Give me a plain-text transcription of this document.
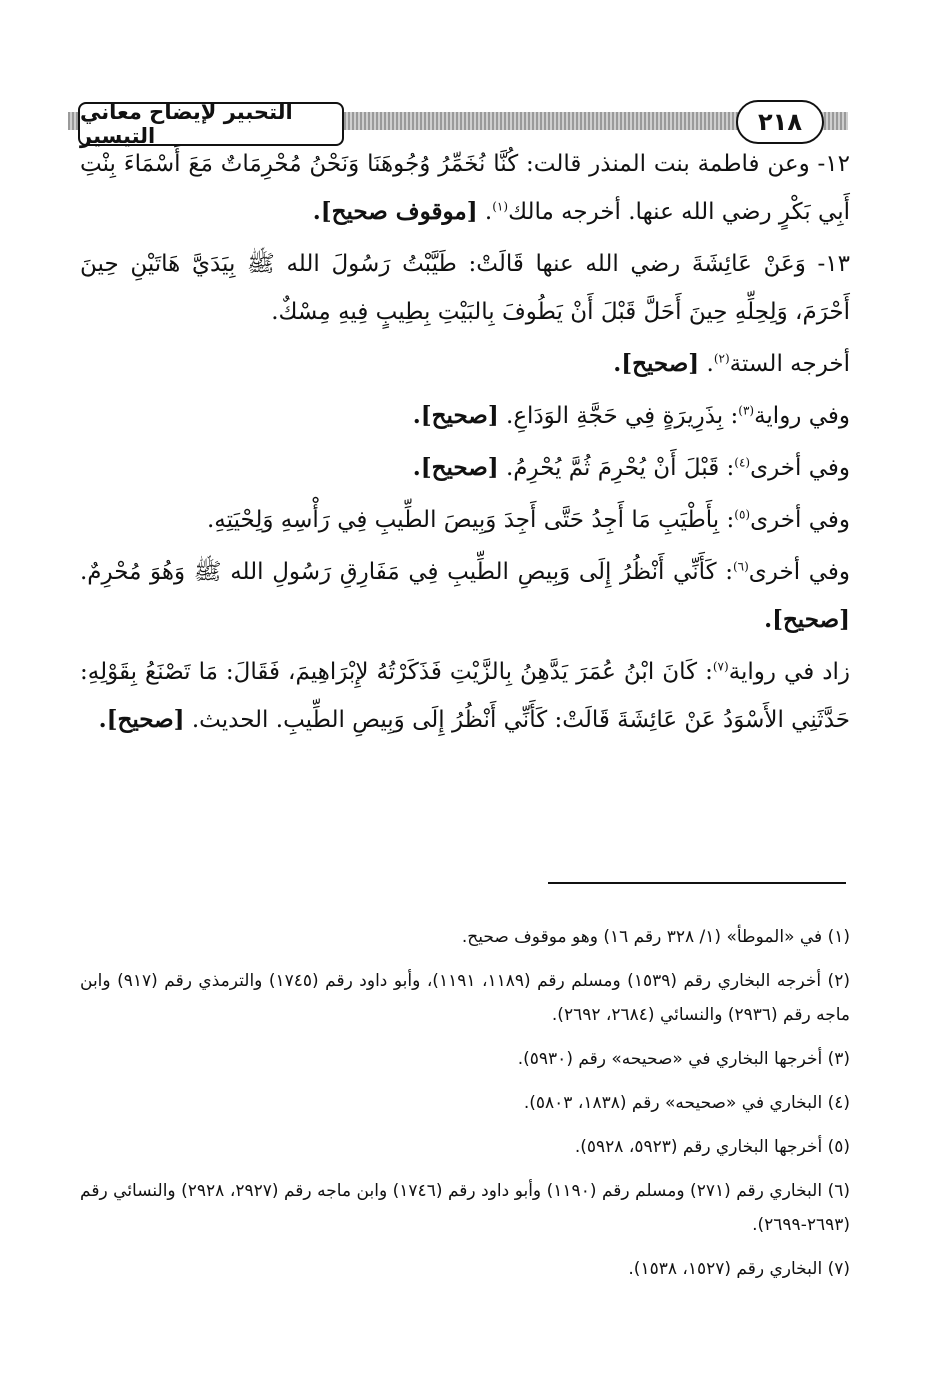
التحبير لإيضاح معاني التيسير	٢١٨

١٢- وعن فاطمة بنت المنذر قالت: كُنَّا نُخَمِّرُ وُجُوهَنَا وَنَحْنُ مُحْرِمَاتٌ مَعَ أَسْمَاءَ بِنْتِ أَبِي بَكْرٍ رضي الله عنها. أخرجه مالك$^{(١)}$. [موقوف صحيح].

١٣- وَعَنْ عَائِشَةَ رضي الله عنها قَالَتْ: طَيَّبْتُ رَسُولَ الله ﷺ بِيَدَيَّ هَاتَيْنِ حِينَ أَحْرَمَ، وَلِحِلِّهِ حِينَ أَحَلَّ قَبْلَ أَنْ يَطُوفَ بِالبَيْتِ بِطِيبٍ فِيهِ مِسْكٌ.

أخرجه الستة$^{(٢)}$. [صحيح].
وفي رواية$^{(٣)}$: بِذَرِيرَةٍ فِي حَجَّةِ الوَدَاعِ. [صحيح].
وفي أخرى$^{(٤)}$: قَبْلَ أَنْ يُحْرِمَ ثُمَّ يُحْرِمُ. [صحيح].
وفي أخرى$^{(٥)}$: بِأَطْيَبِ مَا أَجِدُ حَتَّى أَجِدَ وَبِيصَ الطِّيبِ فِي رَأْسِهِ وَلِحْيَتِهِ.

وفي أخرى$^{(٦)}$: كَأَنِّي أَنْظُرُ إِلَى وَبِيصِ الطِّيبِ فِي مَفَارِقِ رَسُولِ الله ﷺ وَهُوَ مُحْرِمٌ. [صحيح].

زاد في رواية$^{(٧)}$: كَانَ ابْنُ عُمَرَ يَدَّهِنُ بِالزَّيْتِ فَذَكَرْتُهُ لإِبْرَاهِيمَ، فَقَالَ: مَا تَصْنَعُ بِقَوْلِهِ: حَدَّثَنِي الأَسْوَدُ عَنْ عَائِشَةَ قَالَتْ: كَأَنِّي أَنْظُرُ إِلَى وَبِيصِ الطِّيبِ. الحديث. [صحيح].

(١) في «الموطأ» (١/ ٣٢٨ رقم ١٦) وهو موقوف صحيح.

(٢) أخرجه البخاري رقم (١٥٣٩) ومسلم رقم (١١٨٩، ١١٩١)، وأبو داود رقم (١٧٤٥) والترمذي رقم (٩١٧) وابن ماجه رقم (٢٩٣٦) والنسائي (٢٦٨٤، ٢٦٩٢).

(٣) أخرجها البخاري في «صحيحه» رقم (٥٩٣٠).

(٤) البخاري في «صحيحه» رقم (١٨٣٨، ٥٨٠٣).

(٥) أخرجها البخاري رقم (٥٩٢٣، ٥٩٢٨).

(٦) البخاري رقم (٢٧١) ومسلم رقم (١١٩٠) وأبو داود رقم (١٧٤٦) وابن ماجه رقم (٢٩٢٧، ٢٩٢٨) والنسائي رقم (٢٦٩٣-٢٦٩٩).

(٧) البخاري رقم (١٥٢٧، ١٥٣٨).
